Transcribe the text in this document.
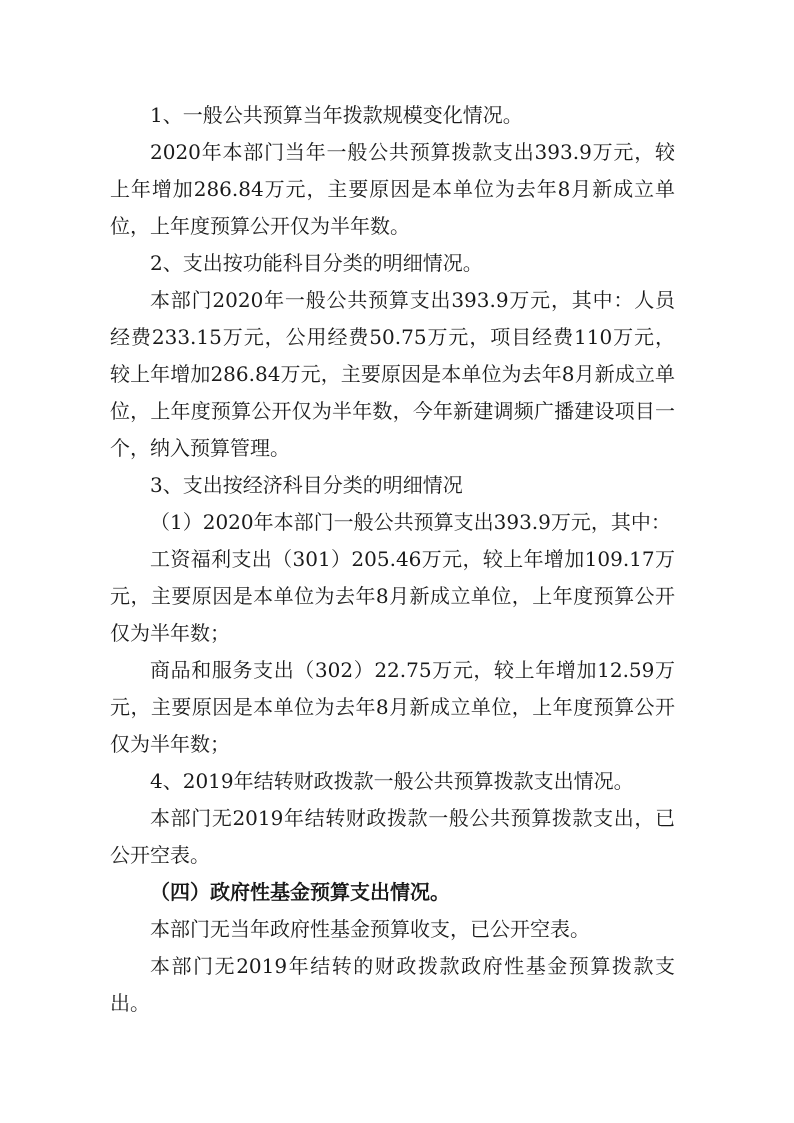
1、一般公共预算当年拨款规模变化情况。

2020年本部门当年一般公共预算拨款支出393.9万元，较上年增加286.84万元，主要原因是本单位为去年8月新成立单位，上年度预算公开仅为半年数。

2、支出按功能科目分类的明细情况。

本部门2020年一般公共预算支出393.9万元，其中：人员经费233.15万元，公用经费50.75万元，项目经费110万元，较上年增加286.84万元，主要原因是本单位为去年8月新成立单位，上年度预算公开仅为半年数，今年新建调频广播建设项目一个，纳入预算管理。

3、支出按经济科目分类的明细情况

（1）2020年本部门一般公共预算支出393.9万元，其中：

工资福利支出（301）205.46万元，较上年增加109.17万元，主要原因是本单位为去年8月新成立单位，上年度预算公开仅为半年数；

商品和服务支出（302）22.75万元，较上年增加12.59万元，主要原因是本单位为去年8月新成立单位，上年度预算公开仅为半年数；

4、2019年结转财政拨款一般公共预算拨款支出情况。

本部门无2019年结转财政拨款一般公共预算拨款支出，已公开空表。

（四）政府性基金预算支出情况。

本部门无当年政府性基金预算收支，已公开空表。

本部门无2019年结转的财政拨款政府性基金预算拨款支出。
